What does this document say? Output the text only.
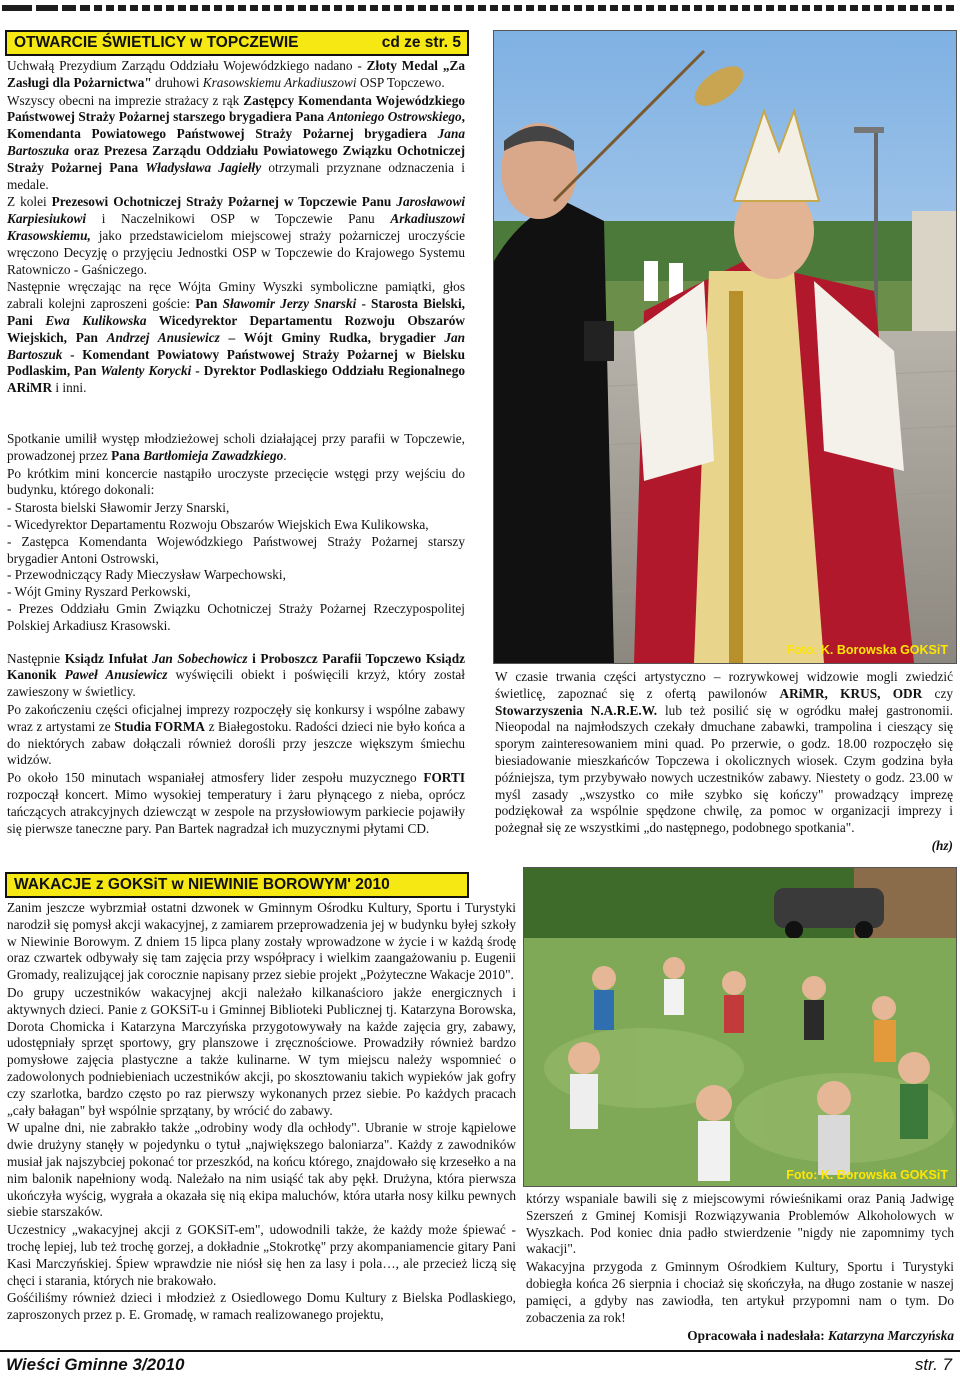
OTWARCIE ŚWIETLICY w TOPCZEWIE	cd ze str. 5

Uchwałą Prezydium Zarządu Oddziału Wojewódzkiego nadano - Złoty Medal „Za Zasługi dla Pożarnictwa" druhowi Krasowskiemu Arkadiuszowi OSP Topczewo.

Wszyscy obecni na imprezie strażacy z rąk Zastępcy Komendanta Wojewódzkiego Państwowej Straży Pożarnej starszego brygadiera Pana Antoniego Ostrowskiego, Komendanta Powiatowego Państwowej Straży Pożarnej brygadiera Jana Bartoszuka oraz Prezesa Zarządu Oddziału Powiatowego Związku Ochotniczej Straży Pożarnej Pana Władysława Jagiełły otrzymali przyznane odznaczenia i medale.

Z kolei Prezesowi Ochotniczej Straży Pożarnej w Topczewie Panu Jarosławowi Karpiesiukowi i Naczelnikowi OSP w Topczewie Panu Arkadiuszowi Krasowskiemu, jako przedstawicielom miejscowej straży pożarniczej uroczyście wręczono Decyzję o przyjęciu Jednostki OSP w Topczewie do Krajowego Systemu Ratowniczo - Gaśniczego.

Następnie wręczając na ręce Wójta Gminy Wyszki symboliczne pamiątki, głos zabrali kolejni zaproszeni goście: Pan Sławomir Jerzy Snarski - Starosta Bielski, Pani Ewa Kulikowska Wicedyrektor Departamentu Rozwoju Obszarów Wiejskich, Pan Andrzej Anusiewicz – Wójt Gminy Rudka, brygadier Jan Bartoszuk - Komendant Powiatowy Państwowej Straży Pożarnej w Bielsku Podlaskim, Pan Walenty Korycki - Dyrektor Podlaskiego Oddziału Regionalnego ARiMR i inni.

Spotkanie umilił występ młodzieżowej scholi działającej przy parafii w Topczewie, prowadzonej przez Pana Bartłomieja Zawadzkiego.

Po krótkim mini koncercie nastąpiło uroczyste przecięcie wstęgi przy wejściu do budynku, którego dokonali:

- Starosta bielski Sławomir Jerzy Snarski,
- Wicedyrektor Departamentu Rozwoju Obszarów Wiejskich Ewa Kulikowska,
- Zastępca Komendanta Wojewódzkiego Państwowej Straży Pożarnej starszy brygadier Antoni Ostrowski,
- Przewodniczący Rady Mieczysław Warpechowski,
- Wójt Gminy Ryszard Perkowski,
- Prezes Oddziału Gmin Związku Ochotniczej Straży Pożarnej Rzeczypospolitej Polskiej Arkadiusz Krasowski.

Następnie Ksiądz Infułat Jan Sobechowicz i Proboszcz Parafii Topczewo Ksiądz Kanonik Paweł Anusiewicz wyświęcili obiekt i poświęcili krzyż, który został zawieszony w świetlicy.

Po zakończeniu części oficjalnej imprezy rozpoczęły się konkursy i wspólne zabawy wraz z artystami ze Studia FORMA z Białegostoku. Radości dzieci nie było końca a do niektórych zabaw dołączali również dorośli przy jeszcze większym śmiechu widzów.

Po około 150 minutach wspaniałej atmosfery lider zespołu muzycznego FORTI rozpoczął koncert. Mimo wysokiej temperatury i żaru płynącego z nieba, oprócz tańczących atrakcyjnych dziewcząt w zespole na przysłowiowym parkiecie pojawiły się pierwsze taneczne pary. Pan Bartek nagradzał ich muzycznymi płytami CD.

Foto: K. Borowska GOKSiT

W czasie trwania części artystyczno – rozrywkowej widzowie mogli zwiedzić świetlicę, zapoznać się z ofertą pawilonów ARiMR, KRUS, ODR czy Stowarzyszenia N.A.R.E.W. lub też posilić się w ogródku małej gastronomii. Nieopodal na najmłodszych czekały dmuchane zabawki, trampolina i cieszący się sporym zainteresowaniem mini quad. Po przerwie, o godz. 18.00 rozpoczęło się biesiadowanie mieszkańców Topczewa i okolicznych wiosek. Czym godzina była późniejsza, tym przybywało nowych uczestników zabawy. Niestety o godz. 23.00 w myśl zasady „wszystko co miłe szybko się kończy" prowadzący imprezę podziękował za wspólnie spędzone chwilę, za pomoc w organizacji imprezy i pożegnał się ze wszystkimi „do następnego, podobnego spotkania".

(hz)
WAKACJE z GOKSiT w NIEWINIE BOROWYM' 2010

Zanim jeszcze wybrzmiał ostatni dzwonek w Gminnym Ośrodku Kultury, Sportu i Turystyki narodził się pomysł akcji wakacyjnej, z zamiarem przeprowadzenia jej w budynku byłej szkoły w Niewinie Borowym. Z dniem 15 lipca plany zostały wprowadzone w życie i w każdą środę oraz czwartek odbywały się tam zajęcia przy współpracy i wielkim zaangażowaniu p. Eugenii Gromady, realizującej jak corocznie napisany przez siebie projekt „Pożyteczne Wakacje 2010".

Do grupy uczestników wakacyjnej akcji należało kilkanaścioro jakże energicznych i aktywnych dzieci. Panie z GOKSiT-u i Gminnej Biblioteki Publicznej tj. Katarzyna Borowska, Dorota Chomicka i Katarzyna Marczyńska przygotowywały na każde zajęcia gry, zabawy, udostępniały sprzęt sportowy, gry planszowe i zręcznościowe. Prowadziły również bardzo pomysłowe zajęcia plastyczne a także kulinarne. W tym miejscu należy wspomnieć o zadowolonych podniebieniach uczestników akcji, po skosztowaniu takich wypieków jak gofry czy szarlotka, bardzo często po raz pierwszy wykonanych przez siebie. Po każdych pracach „cały bałagan" był wspólnie sprzątany, by wrócić do zabawy.

W upalne dni, nie zabrakło także „odrobiny wody dla ochłody". Ubranie w stroje kąpielowe dwie drużyny stanęły w pojedynku o tytuł „największego baloniarza". Każdy z zawodników musiał jak najszybciej pokonać tor przeszkód, na końcu którego, znajdowało się krzesełko a na nim balonik napełniony wodą. Należało na nim usiąść tak aby pękł. Drużyna, która pierwsza ukończyła wyścig, wygrała a okazała się nią ekipa maluchów, która utarła nosy kilku pewnych siebie starszaków.

Uczestnicy „wakacyjnej akcji z GOKSiT-em", udowodnili także, że każdy może śpiewać - trochę lepiej, lub też trochę gorzej, a dokładnie „Stokrotkę" przy akompaniamencie gitary Pani Kasi Marczyńskiej. Śpiew wprawdzie nie niósł się hen za lasy i pola…, ale przecież liczą się chęci i starania, których nie brakowało.

Gośćiliśmy również dzieci i młodzież z Osiedlowego Domu Kultury z Bielska Podlaskiego, zaproszonych przez p. E. Gromadę, w ramach realizowanego projektu,

Foto: K. Borowska GOKSiT

którzy wspaniale bawili się z miejscowymi rówieśnikami oraz Panią Jadwigę Szerszeń z Gminej Komisji Rozwiązywania Problemów Alkoholowych w Wyszkach. Pod koniec dnia padło stwierdzenie "nigdy nie zapomnimy tych wakacji".

Wakacyjna przygoda z Gminnym Ośrodkiem Kultury, Sportu i Turystyki dobiegła końca 26 sierpnia i chociaż się skończyła, na długo zostanie w naszej pamięci, a gdyby nas zawiodła, ten artykuł przypomni nam o tym. Do zobaczenia za rok!

Opracowała i nadesłała: Katarzyna Marczyńska
Wieści Gminne 3/2010	str. 7
